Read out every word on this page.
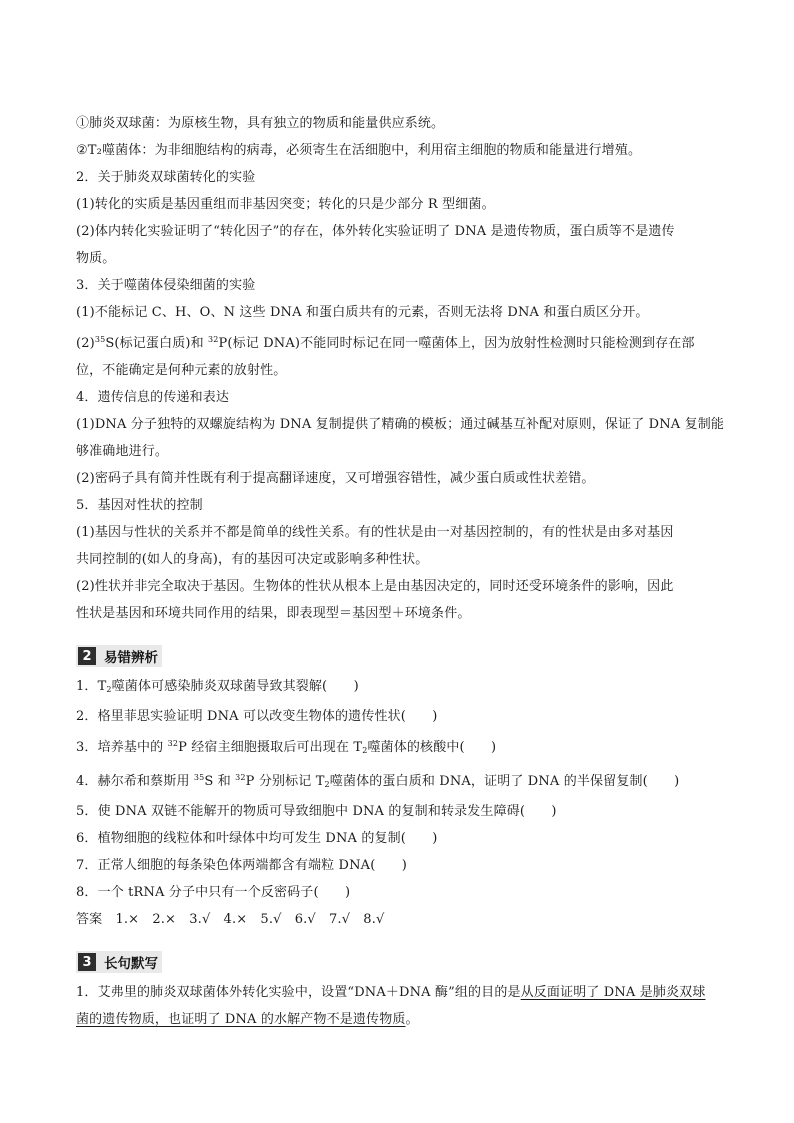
①肺炎双球菌：为原核生物，具有独立的物质和能量供应系统。
②T₂噬菌体：为非细胞结构的病毒，必须寄生在活细胞中，利用宿主细胞的物质和能量进行增殖。
2．关于肺炎双球菌转化的实验
(1)转化的实质是基因重组而非基因突变；转化的只是少部分 R 型细菌。
(2)体内转化实验证明了“转化因子”的存在，体外转化实验证明了 DNA 是遗传物质，蛋白质等不是遗传
物质。
3．关于噬菌体侵染细菌的实验
(1)不能标记 C、H、O、N 这些 DNA 和蛋白质共有的元素，否则无法将 DNA 和蛋白质区分开。
$(2)^{35}S$(标记蛋白质)和 $^{32}$P(标记 DNA)不能同时标记在同一噬菌体上，因为放射性检测时只能检测到存在部
位，不能确定是何种元素的放射性。
4．遗传信息的传递和表达
(1)DNA 分子独特的双螺旋结构为 DNA 复制提供了精确的模板；通过碱基互补配对原则，保证了 DNA 复制能
够准确地进行。
(2)密码子具有简并性既有利于提高翻译速度，又可增强容错性，减少蛋白质或性状差错。
5．基因对性状的控制
(1)基因与性状的关系并不都是简单的线性关系。有的性状是由一对基因控制的，有的性状是由多对基因
共同控制的(如人的身高)，有的基因可决定或影响多种性状。
(2)性状并非完全取决于基因。生物体的性状从根本上是由基因决定的，同时还受环境条件的影响，因此
性状是基因和环境共同作用的结果，即表现型＝基因型＋环境条件。
2 易错辨析
1．$T_2$噬菌体可感染肺炎双球菌导致其裂解(　　)
2．格里菲思实验证明 DNA 可以改变生物体的遗传性状(　　)
3．培养基中的 $^{32}$P 经宿主细胞摄取后可出现在 $T_2$噬菌体的核酸中(　　)
4．赫尔希和蔡斯用 $^{35}$S 和 $^{32}$P 分别标记 $T_2$噬菌体的蛋白质和 DNA，证明了 DNA 的半保留复制(　　)
5．使 DNA 双链不能解开的物质可导致细胞中 DNA 的复制和转录发生障碍(　　)
6．植物细胞的线粒体和叶绿体中均可发生 DNA 的复制(　　)
7．正常人细胞的每条染色体两端都含有端粒 DNA(　　)
8．一个 tRNA 分子中只有一个反密码子(　　)
答案　1.×　2.×　3.√　4.×　5.√　6.√　7.√　8.√
3 长句默写
1．艾弗里的肺炎双球菌体外转化实验中，设置“DNA＋DNA 酶”组的目的是从反面证明了 DNA 是肺炎双球
菌的遗传物质，也证明了 DNA 的水解产物不是遗传物质。
